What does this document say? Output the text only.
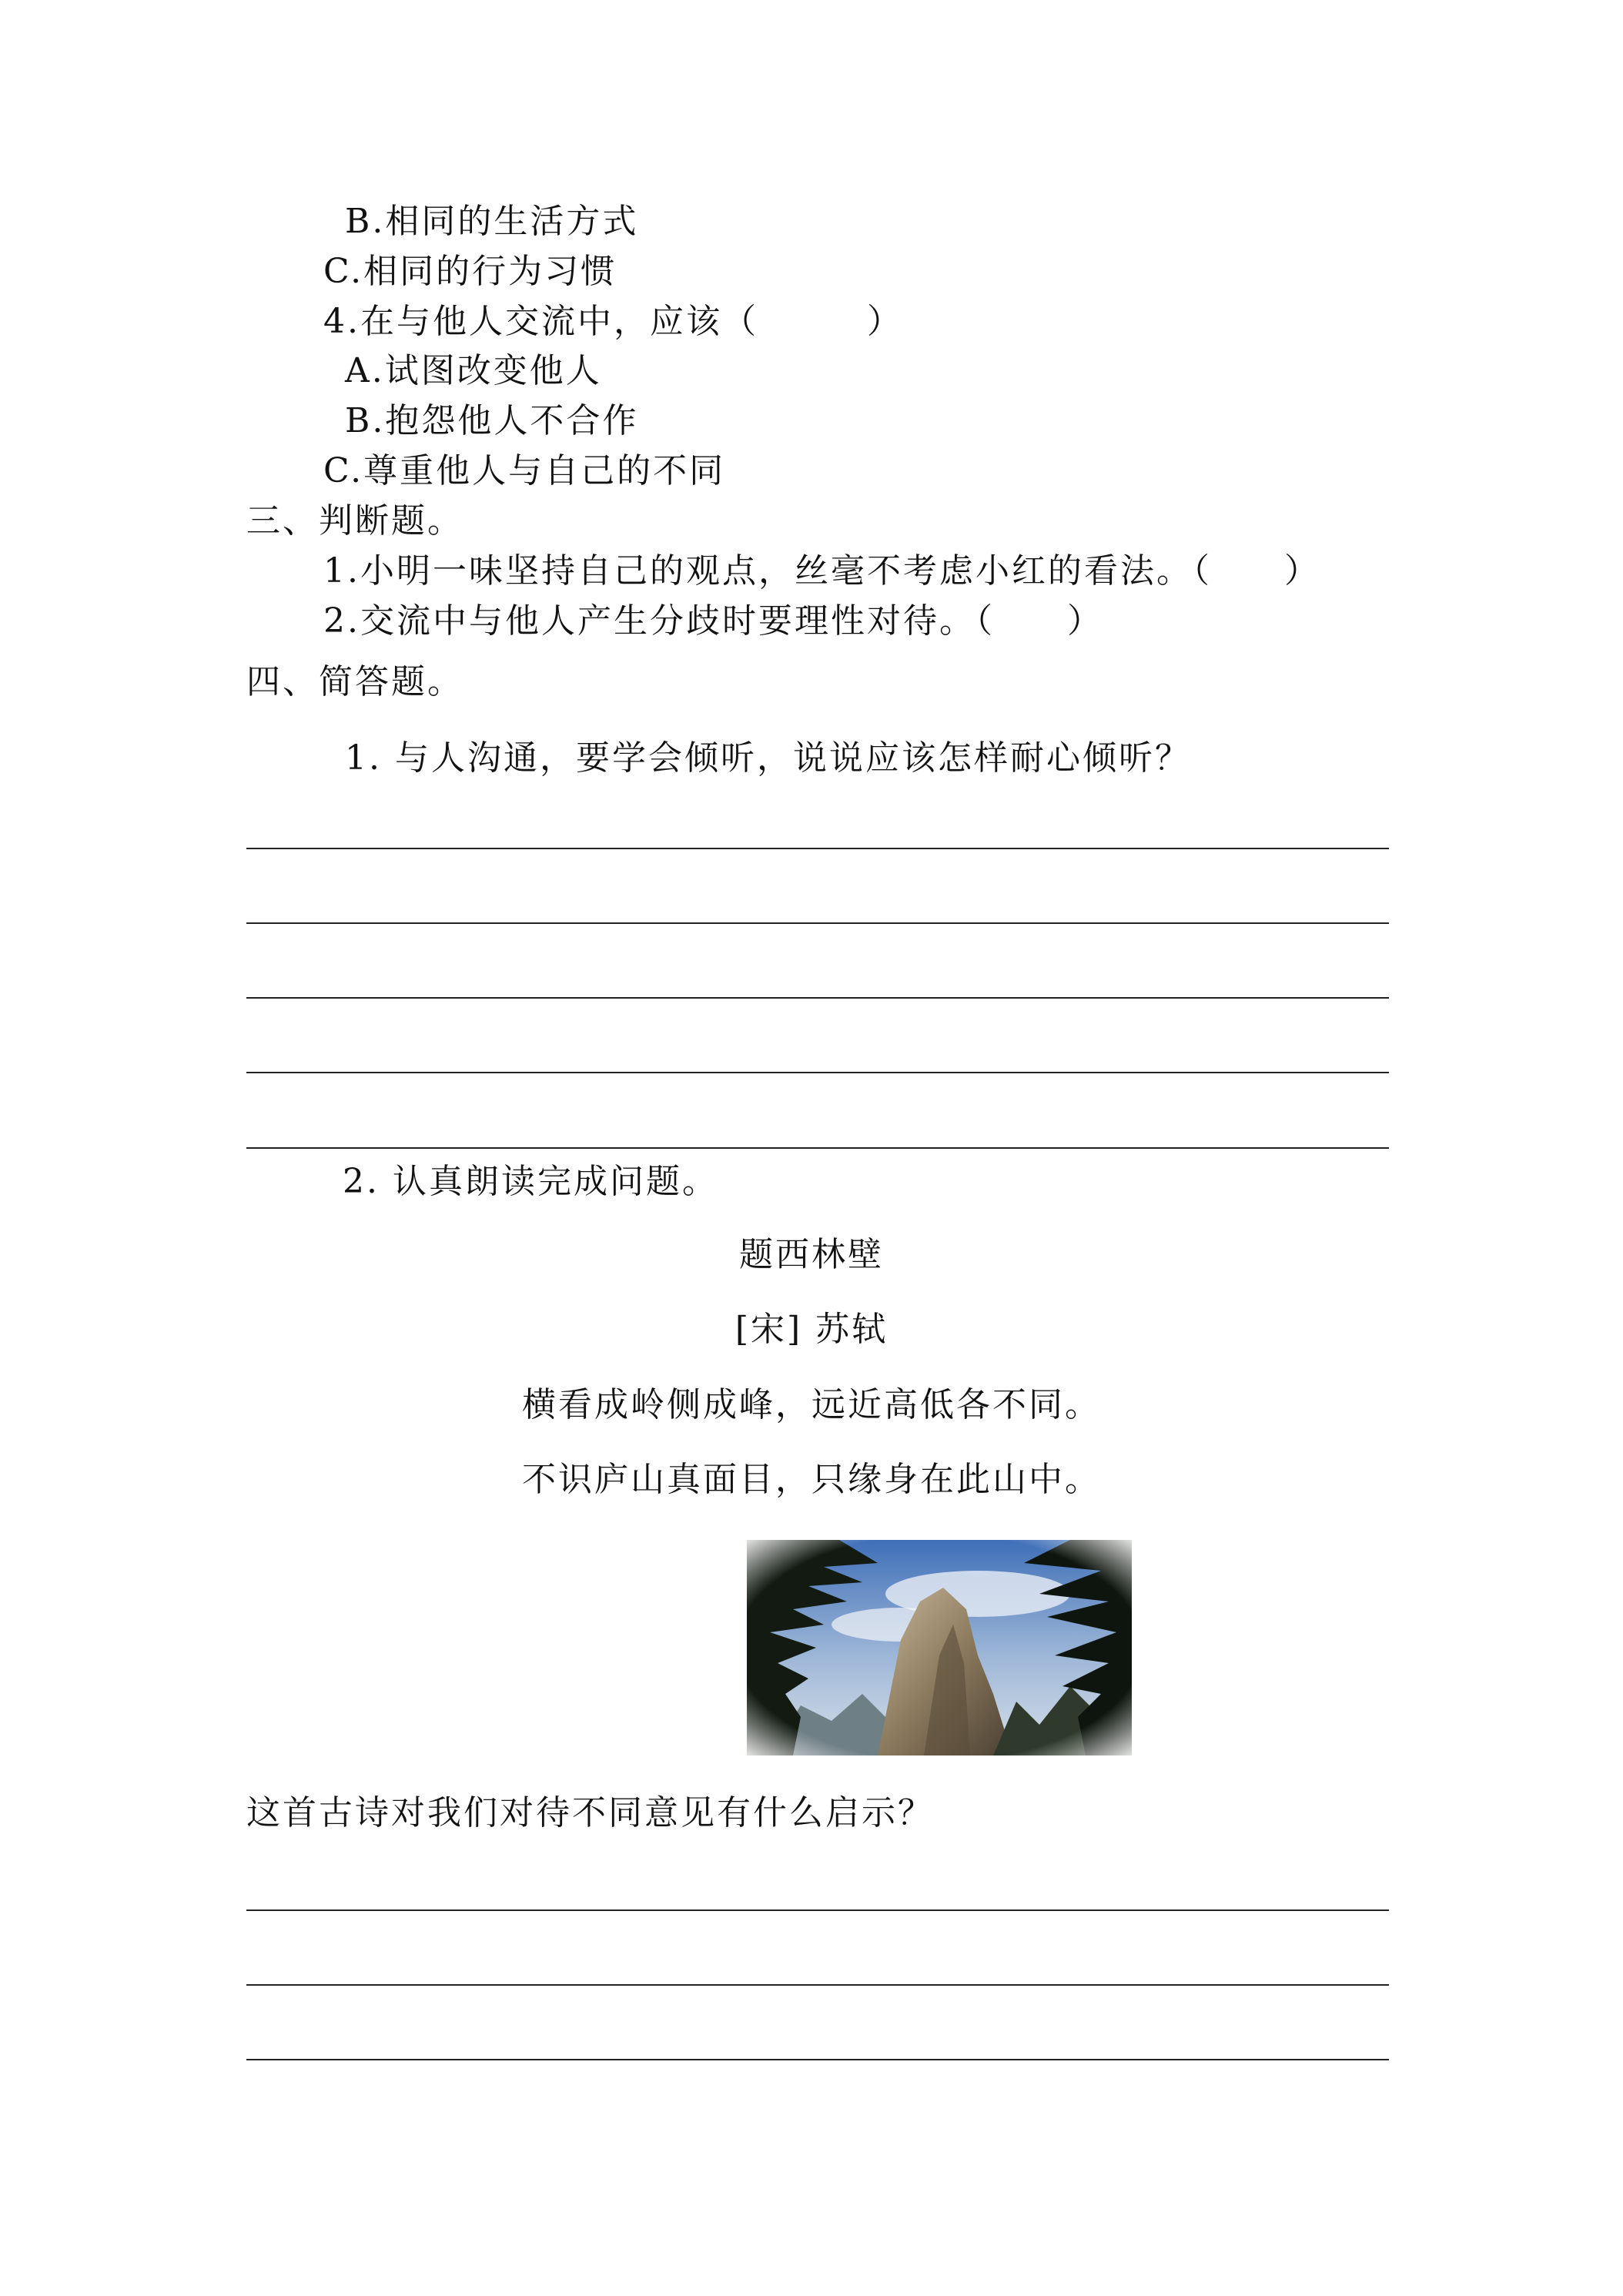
B.相同的生活方式
C.相同的行为习惯
4.在与他人交流中，应该（　　　）
A.试图改变他人
B.抱怨他人不合作
C.尊重他人与自己的不同
三、判断题。
1.小明一味坚持自己的观点，丝毫不考虑小红的看法。（　　）
2.交流中与他人产生分歧时要理性对待。（　　）
四、简答题。
1. 与人沟通，要学会倾听，说说应该怎样耐心倾听？
2. 认真朗读完成问题。
题西林壁
[宋] 苏轼
横看成岭侧成峰，远近高低各不同。
不识庐山真面目，只缘身在此山中。
这首古诗对我们对待不同意见有什么启示？
